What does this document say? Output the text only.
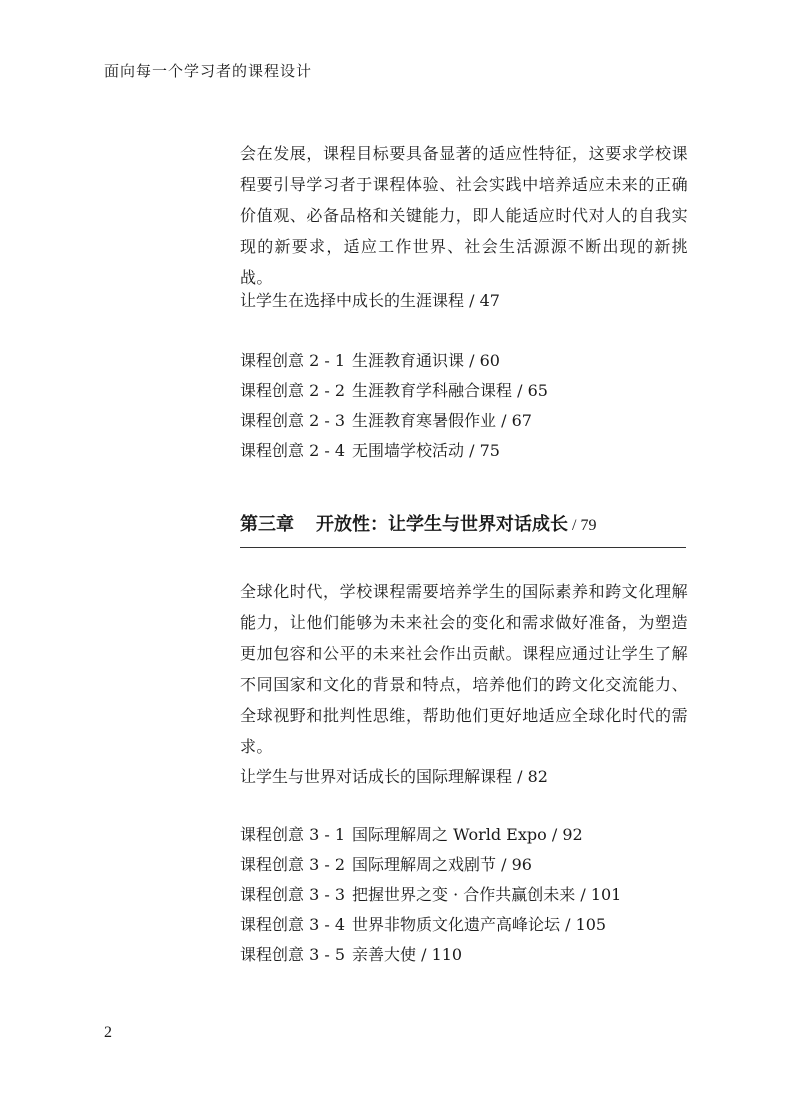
面向每一个学习者的课程设计

会在发展，课程目标要具备显著的适应性特征，这要求学校课程要引导学习者于课程体验、社会实践中培养适应未来的正确价值观、必备品格和关键能力，即人能适应时代对人的自我实现的新要求，适应工作世界、社会生活源源不断出现的新挑战。

让学生在选择中成长的生涯课程 / 47
课程创意 2 - 1 生涯教育通识课 / 60
课程创意 2 - 2 生涯教育学科融合课程 / 65
课程创意 2 - 3 生涯教育寒暑假作业 / 67
课程创意 2 - 4 无围墙学校活动 / 75
第三章 开放性：让学生与世界对话成长 / 79

全球化时代，学校课程需要培养学生的国际素养和跨文化理解能力，让他们能够为未来社会的变化和需求做好准备，为塑造更加包容和公平的未来社会作出贡献。课程应通过让学生了解不同国家和文化的背景和特点，培养他们的跨文化交流能力、全球视野和批判性思维，帮助他们更好地适应全球化时代的需求。

让学生与世界对话成长的国际理解课程 / 82
课程创意 3 - 1 国际理解周之 World Expo / 92
课程创意 3 - 2 国际理解周之戏剧节 / 96
课程创意 3 - 3 把握世界之变 · 合作共赢创未来 / 101
课程创意 3 - 4 世界非物质文化遗产高峰论坛 / 105
课程创意 3 - 5 亲善大使 / 110
2
